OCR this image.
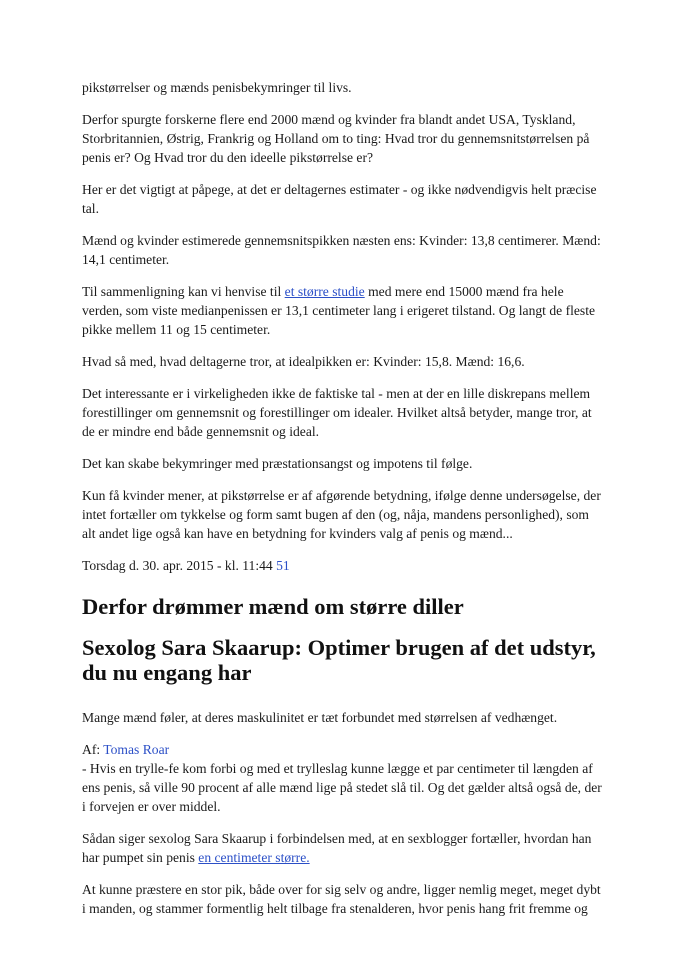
pikstørrelser og mænds penisbekymringer til livs.

Derfor spurgte forskerne flere end 2000 mænd og kvinder fra blandt andet USA, Tyskland, Storbritannien, Østrig, Frankrig og Holland om to ting: Hvad tror du gennemsnitstørrelsen på penis er? Og Hvad tror du den ideelle pikstørrelse er?

Her er det vigtigt at påpege, at det er deltagernes estimater - og ikke nødvendigvis helt præcise tal.

Mænd og kvinder estimerede gennemsnitspikken næsten ens: Kvinder: 13,8 centimerer. Mænd: 14,1 centimeter.

Til sammenligning kan vi henvise til et større studie med mere end 15000 mænd fra hele verden, som viste medianpenissen er 13,1 centimeter lang i erigeret tilstand. Og langt de fleste pikke mellem 11 og 15 centimeter.

Hvad så med, hvad deltagerne tror, at idealpikken er: Kvinder: 15,8. Mænd: 16,6.

Det interessante er i virkeligheden ikke de faktiske tal - men at der en lille diskrepans mellem forestillinger om gennemsnit og forestillinger om idealer. Hvilket altså betyder, mange tror, at de er mindre end både gennemsnit og ideal.

Det kan skabe bekymringer med præstationsangst og impotens til følge.

Kun få kvinder mener, at pikstørrelse er af afgørende betydning, ifølge denne undersøgelse, der intet fortæller om tykkelse og form samt bugen af den (og, nåja, mandens personlighed), som alt andet lige også kan have en betydning for kvinders valg af penis og mænd...

Torsdag d. 30. apr. 2015 - kl. 11:44 51

Derfor drømmer mænd om større diller
Sexolog Sara Skaarup: Optimer brugen af det udstyr, du nu engang har

Mange mænd føler, at deres maskulinitet er tæt forbundet med størrelsen af vedhænget.

Af: Tomas Roar

- Hvis en trylle-fe kom forbi og med et trylleslag kunne lægge et par centimeter til længden af ens penis, så ville 90 procent af alle mænd lige på stedet slå til. Og det gælder altså også de, der i forvejen er over middel.

Sådan siger sexolog Sara Skaarup i forbindelsen med, at en sexblogger fortæller, hvordan han har pumpet sin penis en centimeter større.

At kunne præstere en stor pik, både over for sig selv og andre, ligger nemlig meget, meget dybt i manden, og stammer formentlig helt tilbage fra stenalderen, hvor penis hang frit fremme og
